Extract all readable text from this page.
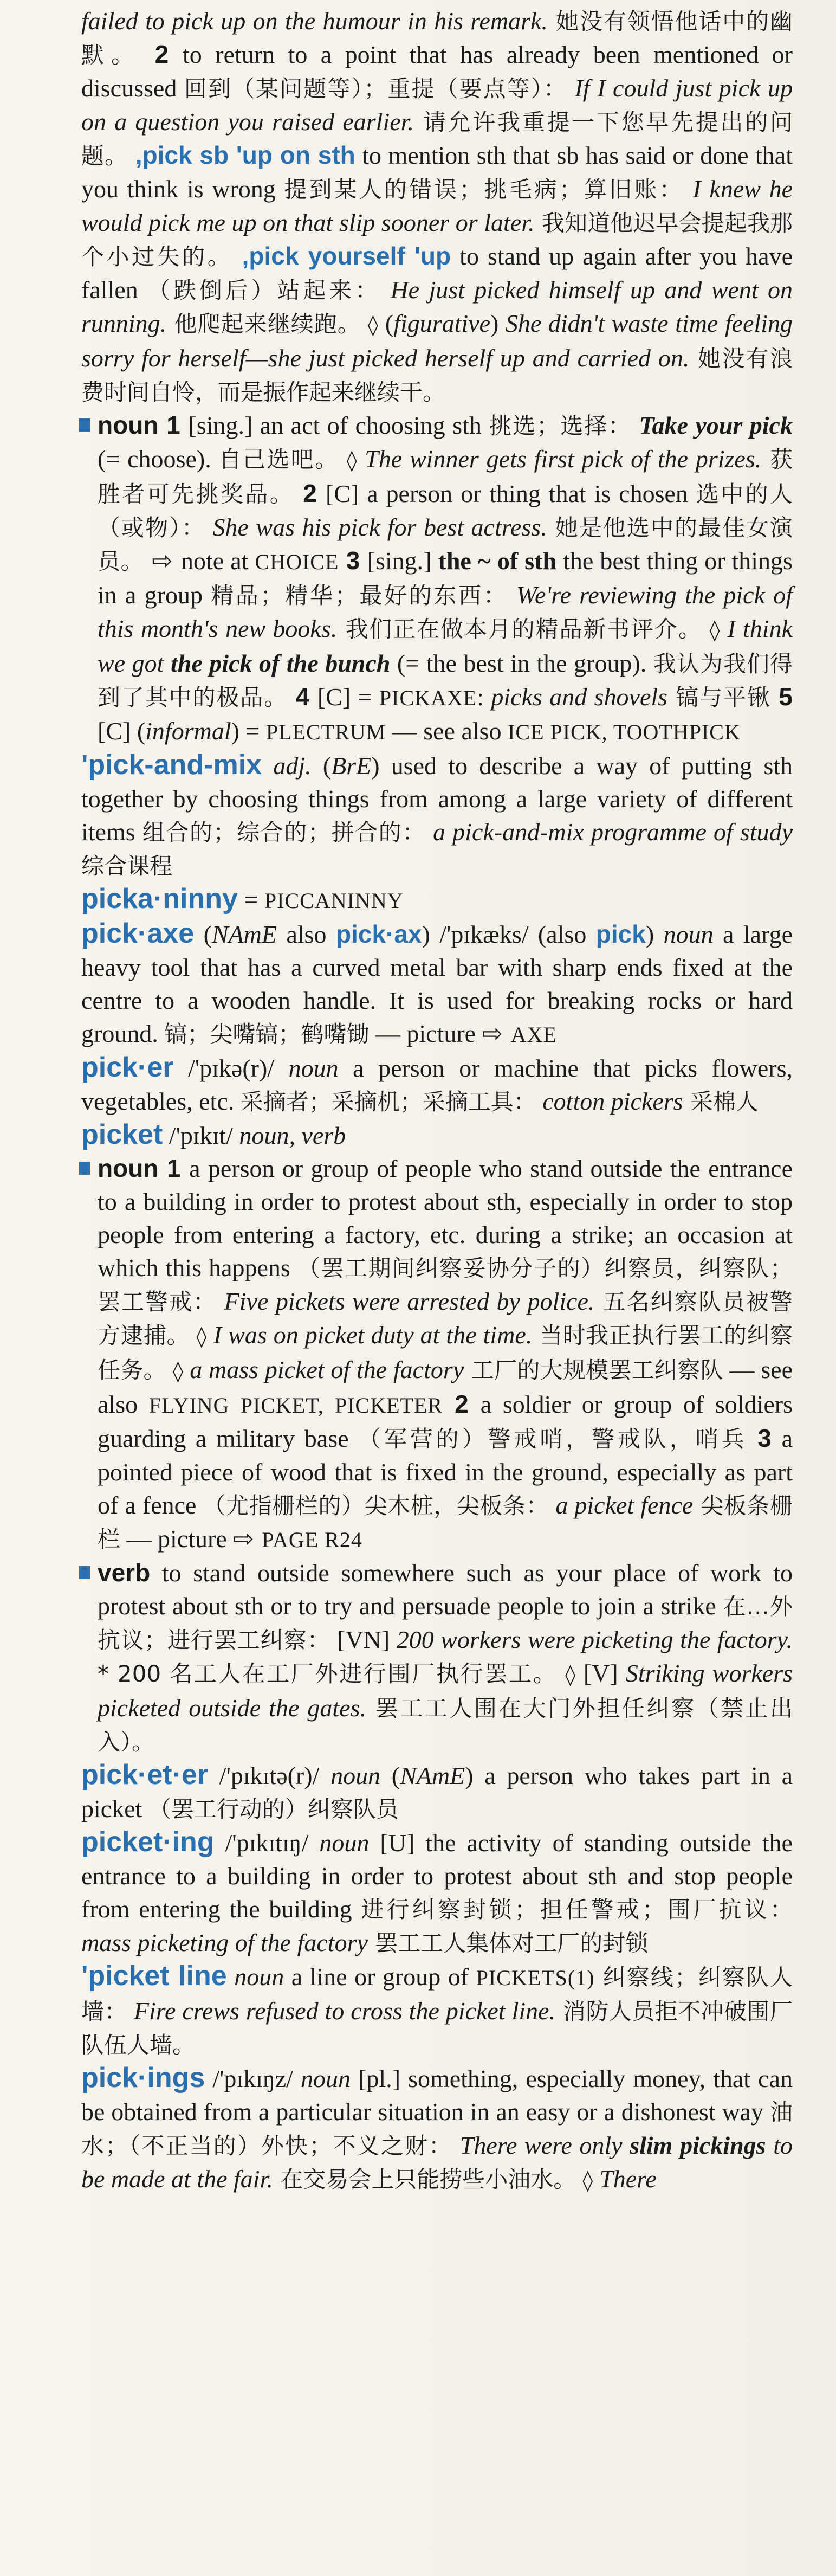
failed to pick up on the humour in his remark. 她没有领悟他话中的幽默。 2 to return to a point that has already been mentioned or discussed 回到（某问题等）；重提（要点等）： If I could just pick up on a question you raised earlier. 请允许我重提一下您早先提出的问题。 ,pick sb 'up on sth to mention sth that sb has said or done that you think is wrong 提到某人的错误；挑毛病；算旧账： I knew he would pick me up on that slip sooner or later. 我知道他迟早会提起我那个小过失的。 ,pick yourself 'up to stand up again after you have fallen （跌倒后）站起来： He just picked himself up and went on running. 他爬起来继续跑。 ◊ (figurative) She didn't waste time feeling sorry for herself—she just picked herself up and carried on. 她没有浪费时间自怜，而是振作起来继续干。

noun 1 [sing.] an act of choosing sth 挑选；选择： Take your pick (= choose). 自己选吧。 ◊ The winner gets first pick of the prizes. 获胜者可先挑奖品。 2 [C] a person or thing that is chosen 选中的人（或物）： She was his pick for best actress. 她是他选中的最佳女演员。 ⇨ note at CHOICE 3 [sing.] the ~ of sth the best thing or things in a group 精品；精华；最好的东西： We're reviewing the pick of this month's new books. 我们正在做本月的精品新书评介。 ◊ I think we got the pick of the bunch (= the best in the group). 我认为我们得到了其中的极品。 4 [C] = PICKAXE: picks and shovels 镐与平锹 5 [C] (informal) = PLECTRUM — see also ICE PICK, TOOTHPICK

'pick-and-mix adj. (BrE) used to describe a way of putting sth together by choosing things from among a large variety of different items 组合的；综合的；拼合的： a pick-and-mix programme of study 综合课程

picka·ninny = PICCANINNY

pick·axe (NAmE also pick·ax) /'pɪkæks/ (also pick) noun a large heavy tool that has a curved metal bar with sharp ends fixed at the centre to a wooden handle. It is used for breaking rocks or hard ground. 镐；尖嘴镐；鹤嘴锄 — picture ⇨ AXE

pick·er /'pɪkə(r)/ noun a person or machine that picks flowers, vegetables, etc. 采摘者；采摘机；采摘工具： cotton pickers 采棉人

picket /'pɪkɪt/ noun, verb

noun 1 a person or group of people who stand outside the entrance to a building in order to protest about sth, especially in order to stop people from entering a factory, etc. during a strike; an occasion at which this happens （罢工期间纠察妥协分子的）纠察员，纠察队；罢工警戒： Five pickets were arrested by police. 五名纠察队员被警方逮捕。 ◊ I was on picket duty at the time. 当时我正执行罢工的纠察任务。 ◊ a mass picket of the factory 工厂的大规模罢工纠察队 — see also FLYING PICKET, PICKETER 2 a soldier or group of soldiers guarding a military base （军营的）警戒哨，警戒队，哨兵 3 a pointed piece of wood that is fixed in the ground, especially as part of a fence （尤指栅栏的）尖木桩，尖板条： a picket fence 尖板条栅栏 — picture ⇨ PAGE R24

verb to stand outside somewhere such as your place of work to protest about sth or to try and persuade people to join a strike 在…外抗议；进行罢工纠察： [VN] 200 workers were picketing the factory. * 200 名工人在工厂外进行围厂执行罢工。 ◊ [V] Striking workers picketed outside the gates. 罢工工人围在大门外担任纠察（禁止出入）。

pick·et·er /'pɪkɪtə(r)/ noun (NAmE) a person who takes part in a picket （罢工行动的）纠察队员

picket·ing /'pɪkɪtɪŋ/ noun [U] the activity of standing outside the entrance to a building in order to protest about sth and stop people from entering the building 进行纠察封锁；担任警戒；围厂抗议： mass picketing of the factory 罢工工人集体对工厂的封锁

'picket line noun a line or group of PICKETS(1) 纠察线；纠察队人墙： Fire crews refused to cross the picket line. 消防人员拒不冲破围厂队伍人墙。

pick·ings /'pɪkɪŋz/ noun [pl.] something, especially money, that can be obtained from a particular situation in an easy or a dishonest way 油水；（不正当的）外快；不义之财： There were only slim pickings to be made at the fair. 在交易会上只能捞些小油水。 ◊ There
